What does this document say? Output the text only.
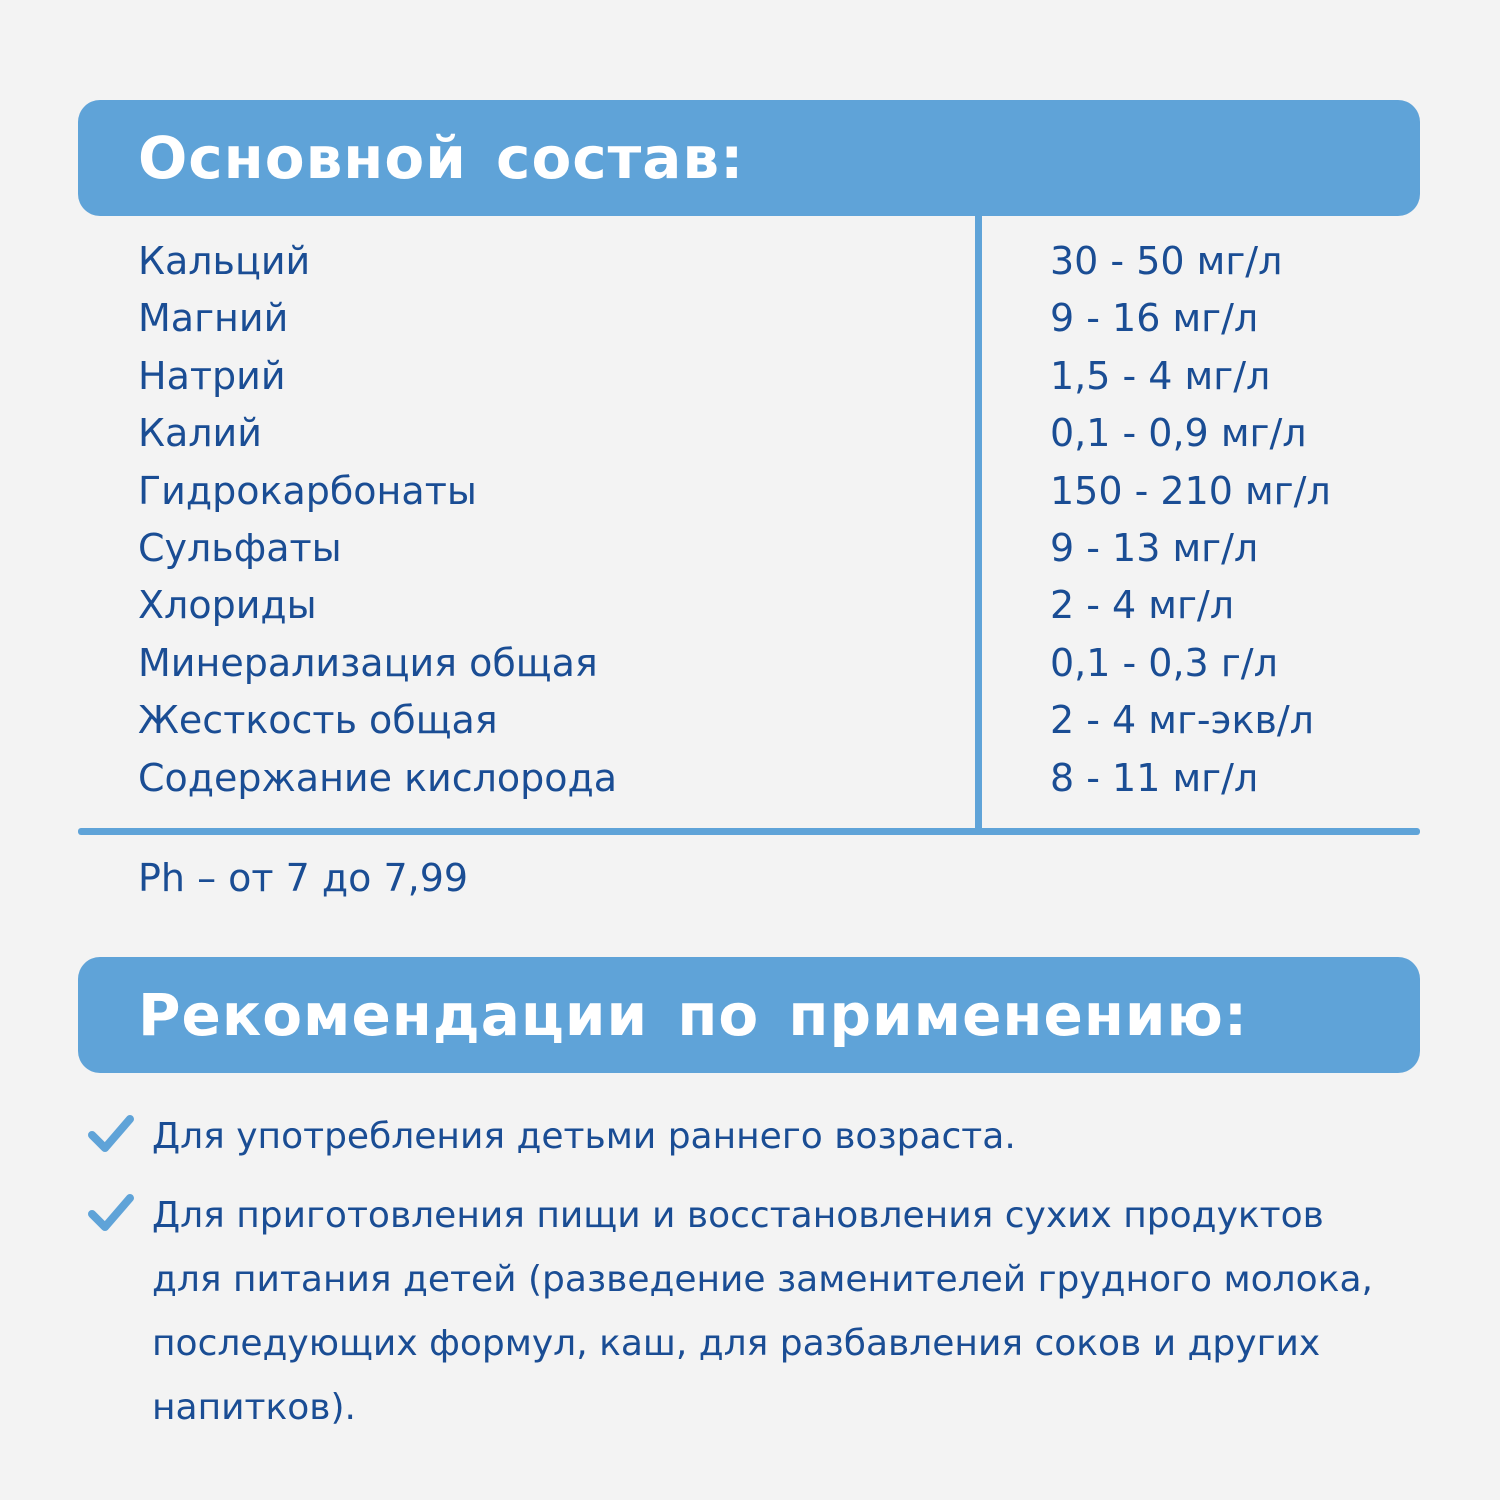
Основной состав:
Кальций
Магний
Натрий
Калий
Гидрокарбонаты
Сульфаты
Хлориды
Минерализация общая
Жесткость общая
Содержание кислорода
30 - 50 мг/л
9 - 16 мг/л
1,5 - 4 мг/л
0,1 - 0,9 мг/л
150 - 210 мг/л
9 - 13 мг/л
2 - 4 мг/л
0,1 - 0,3 г/л
2 - 4 мг-экв/л
8 - 11 мг/л
Ph – от 7 до 7,99
Рекомендации по применению:
Для употребления детьми раннего возраста.
Для приготовления пищи и восстановления сухих продуктов для питания детей (разведение заменителей грудного молока, последующих формул, каш, для разбавления соков и других напитков).
